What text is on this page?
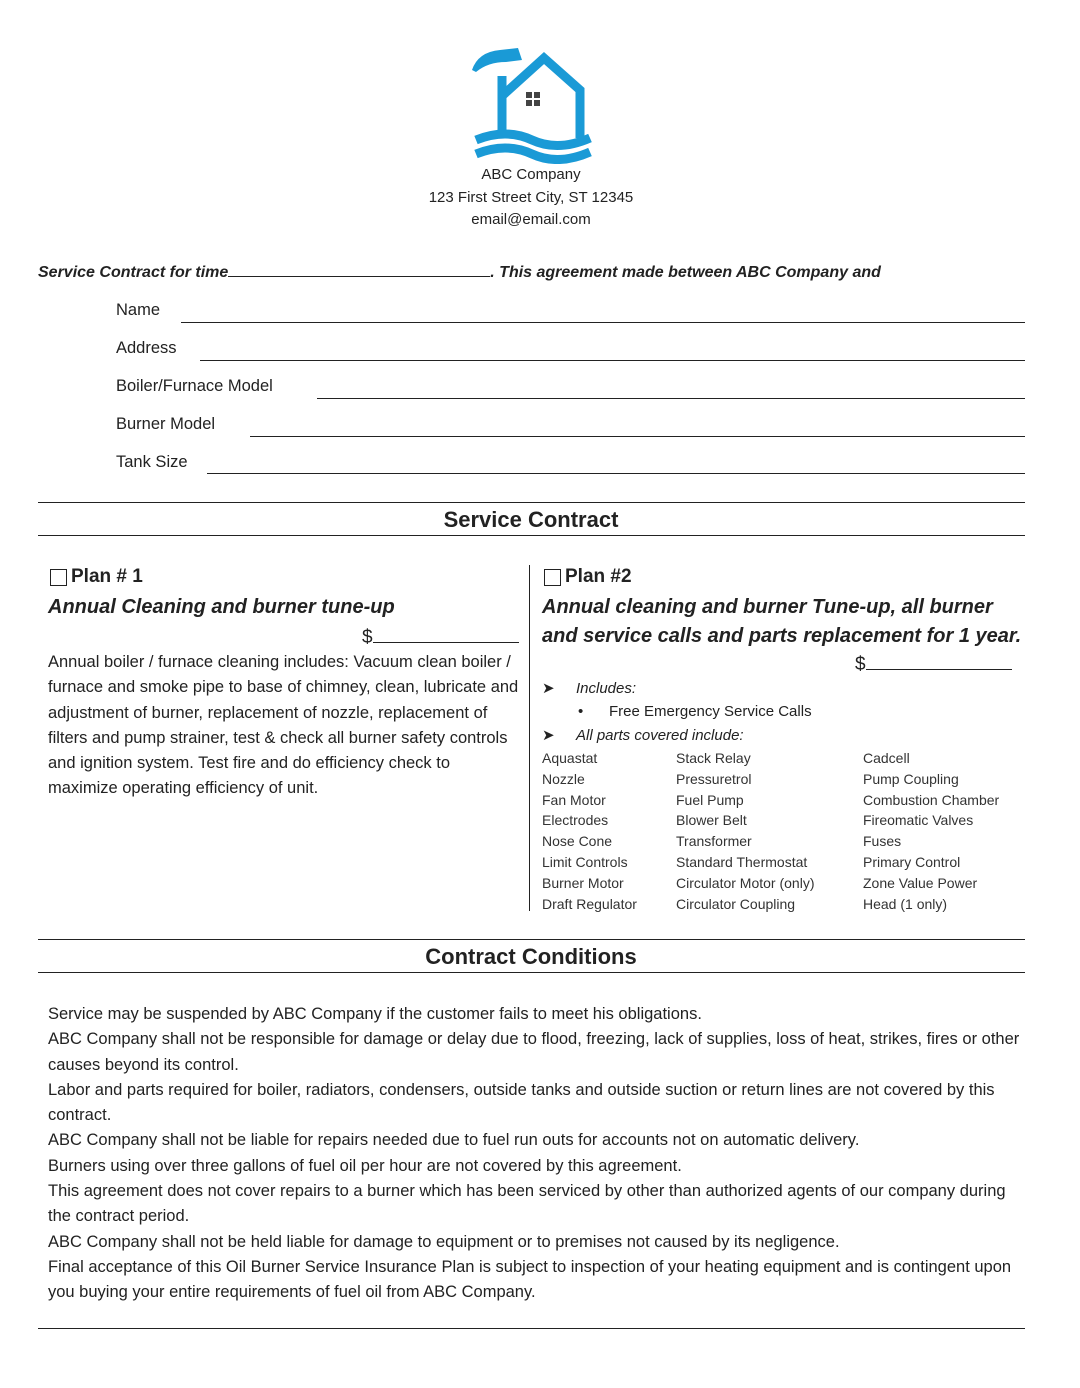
ABC Company
123 First Street City, ST 12345
email@email.com
Service Contract for time	. This agreement made between ABC Company and
Name
Address
Boiler/Furnace Model
Burner Model
Tank Size
Service Contract
Plan # 1
Annual Cleaning and burner tune-up
$
Annual boiler / furnace cleaning includes: Vacuum clean boiler / furnace and smoke pipe to base of chimney, clean, lubricate and adjustment of burner, replacement of nozzle, replacement of filters and pump strainer, test & check all burner safety controls and ignition system. Test fire and do efficiency check to maximize operating efficiency of unit.
Plan #2
Annual cleaning and burner Tune-up, all burner and service calls and parts replacement for 1 year.
$
➤	Includes:
•	Free Emergency Service Calls
➤	All parts covered include:
Aquastat	Stack Relay	Cadcell
Nozzle	Pressuretrol	Pump Coupling
Fan Motor	Fuel Pump	Combustion Chamber
Electrodes	Blower Belt	Fireomatic Valves
Nose Cone	Transformer	Fuses
Limit Controls	Standard Thermostat	Primary Control
Burner Motor	Circulator Motor (only)	Zone Value Power
Draft Regulator	Circulator Coupling	Head (1 only)
Contract Conditions
Service may be suspended by ABC Company if the customer fails to meet his obligations.
ABC Company shall not be responsible for damage or delay due to flood, freezing, lack of supplies, loss of heat, strikes, fires or other causes beyond its control.
Labor and parts required for boiler, radiators, condensers, outside tanks and outside suction or return lines are not covered by this contract.
ABC Company shall not be liable for repairs needed due to fuel run outs for accounts not on automatic delivery.
Burners using over three gallons of fuel oil per hour are not covered by this agreement.
This agreement does not cover repairs to a burner which has been serviced by other than authorized agents of our company during the contract period.
ABC Company shall not be held liable for damage to equipment or to premises not caused by its negligence.
Final acceptance of this Oil Burner Service Insurance Plan is subject to inspection of your heating equipment and is contingent upon you buying your entire requirements of fuel oil from ABC Company.
